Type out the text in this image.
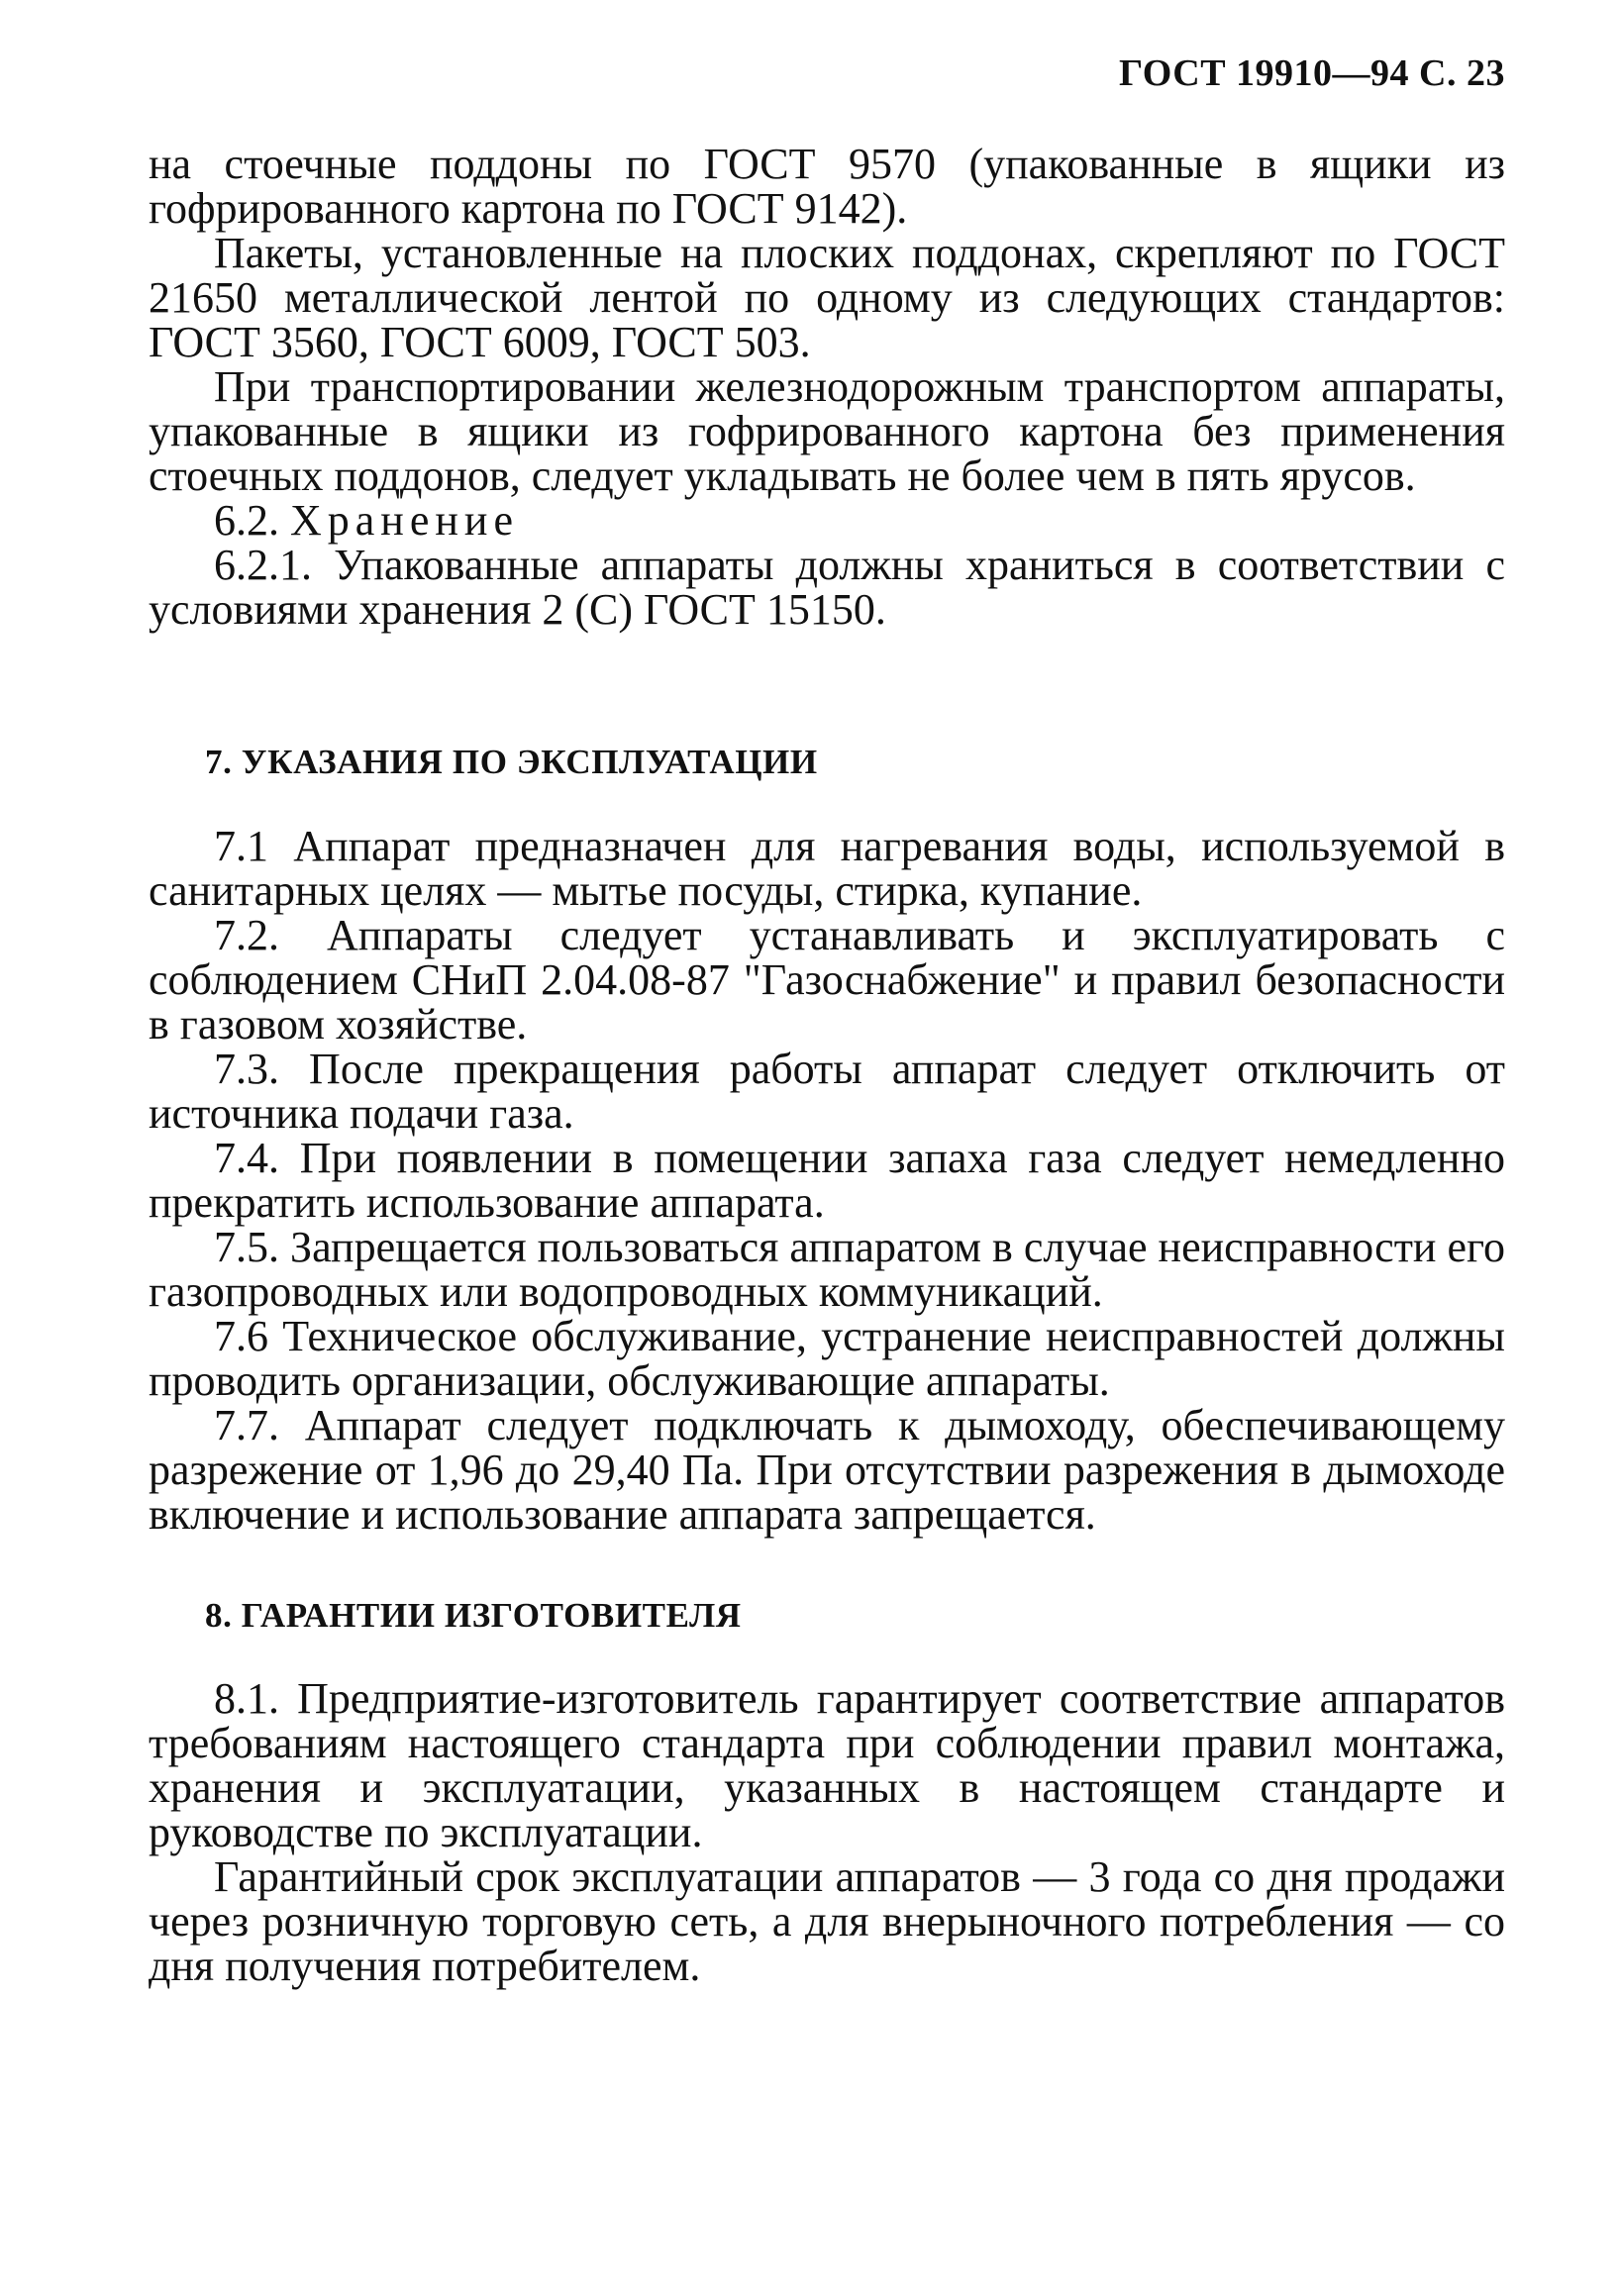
ГОСТ 19910—94 С. 23

на стоечные поддоны по ГОСТ 9570 (упакованные в ящики из гофрированного картона по ГОСТ 9142).

Пакеты, установленные на плоских поддонах, скрепляют по ГОСТ 21650 металлической лентой по одному из следующих стандартов: ГОСТ 3560, ГОСТ 6009, ГОСТ 503.

При транспортировании железнодорожным транспортом аппараты, упакованные в ящики из гофрированного картона без применения стоечных поддонов, следует укладывать не более чем в пять ярусов.

6.2. Хранение

6.2.1. Упакованные аппараты должны храниться в соответствии с условиями хранения 2 (С) ГОСТ 15150.

7. УКАЗАНИЯ ПО ЭКСПЛУАТАЦИИ

7.1 Аппарат предназначен для нагревания воды, используемой в санитарных целях — мытье посуды, стирка, купание.

7.2. Аппараты следует устанавливать и эксплуатировать с соблюдением СНиП 2.04.08-87 "Газоснабжение" и правил безопасности в газовом хозяйстве.

7.3. После прекращения работы аппарат следует отключить от источника подачи газа.

7.4. При появлении в помещении запаха газа следует немедленно прекратить использование аппарата.

7.5. Запрещается пользоваться аппаратом в случае неисправности его газопроводных или водопроводных коммуникаций.

7.6 Техническое обслуживание, устранение неисправностей должны проводить организации, обслуживающие аппараты.

7.7. Аппарат следует подключать к дымоходу, обеспечивающему разрежение от 1,96 до 29,40 Па. При отсутствии разрежения в дымоходе включение и использование аппарата запрещается.

8. ГАРАНТИИ ИЗГОТОВИТЕЛЯ

8.1. Предприятие-изготовитель гарантирует соответствие аппаратов требованиям настоящего стандарта при соблюдении правил монтажа, хранения и эксплуатации, указанных в настоящем стандарте и руководстве по эксплуатации.

Гарантийный срок эксплуатации аппаратов — 3 года со дня продажи через розничную торговую сеть, а для внерыночного потребления — со дня получения потребителем.
